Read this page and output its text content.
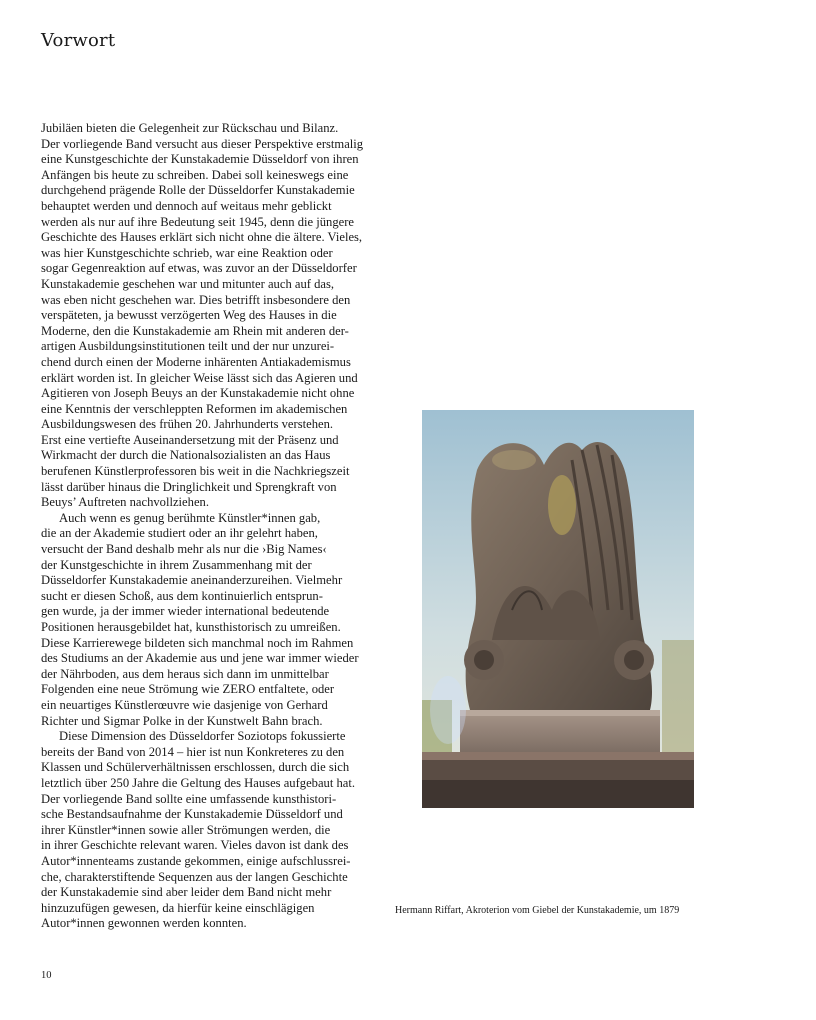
Vorwort
Jubiläen bieten die Gelegenheit zur Rückschau und Bilanz.
Der vorliegende Band versucht aus dieser Perspektive erstmalig
eine Kunstgeschichte der Kunstakademie Düsseldorf von ihren
Anfängen bis heute zu schreiben. Dabei soll keineswegs eine
durchgehend prägende Rolle der Düsseldorfer Kunstakademie
behauptet werden und dennoch auf weitaus mehr geblickt
werden als nur auf ihre Bedeutung seit 1945, denn die jüngere
Geschichte des Hauses erklärt sich nicht ohne die ältere. Vieles,
was hier Kunstgeschichte schrieb, war eine Reaktion oder
sogar Gegenreaktion auf etwas, was zuvor an der Düsseldorfer
Kunstakademie geschehen war und mitunter auch auf das,
was eben nicht geschehen war. Dies betrifft insbesondere den
verspäteten, ja bewusst verzögerten Weg des Hauses in die
Moderne, den die Kunstakademie am Rhein mit anderen der-
artigen Ausbildungsinstitutionen teilt und der nur unzurei-
chend durch einen der Moderne inhärenten Antiakademismus
erklärt worden ist. In gleicher Weise lässt sich das Agieren und
Agitieren von Joseph Beuys an der Kunstakademie nicht ohne
eine Kenntnis der verschleppten Reformen im akademischen
Ausbildungswesen des frühen 20. Jahrhunderts verstehen.
Erst eine vertiefte Auseinandersetzung mit der Präsenz und
Wirkmacht der durch die Nationalsozialisten an das Haus
berufenen Künstlerprofessoren bis weit in die Nachkriegszeit
lässt darüber hinaus die Dringlichkeit und Sprengkraft von
Beuys’ Auftreten nachvollziehen.
Auch wenn es genug berühmte Künstler*innen gab,
die an der Akademie studiert oder an ihr gelehrt haben,
versucht der Band deshalb mehr als nur die ›Big Names‹
der Kunstgeschichte in ihrem Zusammenhang mit der
Düsseldorfer Kunstakademie aneinanderzureihen. Vielmehr
sucht er diesen Schoß, aus dem kontinuierlich entsprun-
gen wurde, ja der immer wieder international bedeutende
Positionen herausgebildet hat, kunsthistorisch zu umreißen.
Diese Karrierewege bildeten sich manchmal noch im Rahmen
des Studiums an der Akademie aus und jene war immer wieder
der Nährboden, aus dem heraus sich dann im unmittelbar
Folgenden eine neue Strömung wie ZERO entfaltete, oder
ein neuartiges Künstlerœuvre wie dasjenige von Gerhard
Richter und Sigmar Polke in der Kunstwelt Bahn brach.
Diese Dimension des Düsseldorfer Soziotops fokussierte
bereits der Band von 2014 – hier ist nun Konkreteres zu den
Klassen und Schülerverhältnissen erschlossen, durch die sich
letztlich über 250 Jahre die Geltung des Hauses aufgebaut hat.
Der vorliegende Band sollte eine umfassende kunsthistori-
sche Bestandsaufnahme der Kunstakademie Düsseldorf und
ihrer Künstler*innen sowie aller Strömungen werden, die
in ihrer Geschichte relevant waren. Vieles davon ist dank des
Autor*innenteams zustande gekommen, einige aufschlussrei-
che, charakterstiftende Sequenzen aus der langen Geschichte
der Kunstakademie sind aber leider dem Band nicht mehr
hinzuzufügen gewesen, da hierfür keine einschlägigen
Autor*innen gewonnen werden konnten.
Hermann Riffart, Akroterion vom Giebel der Kunstakademie, um 1879
10
